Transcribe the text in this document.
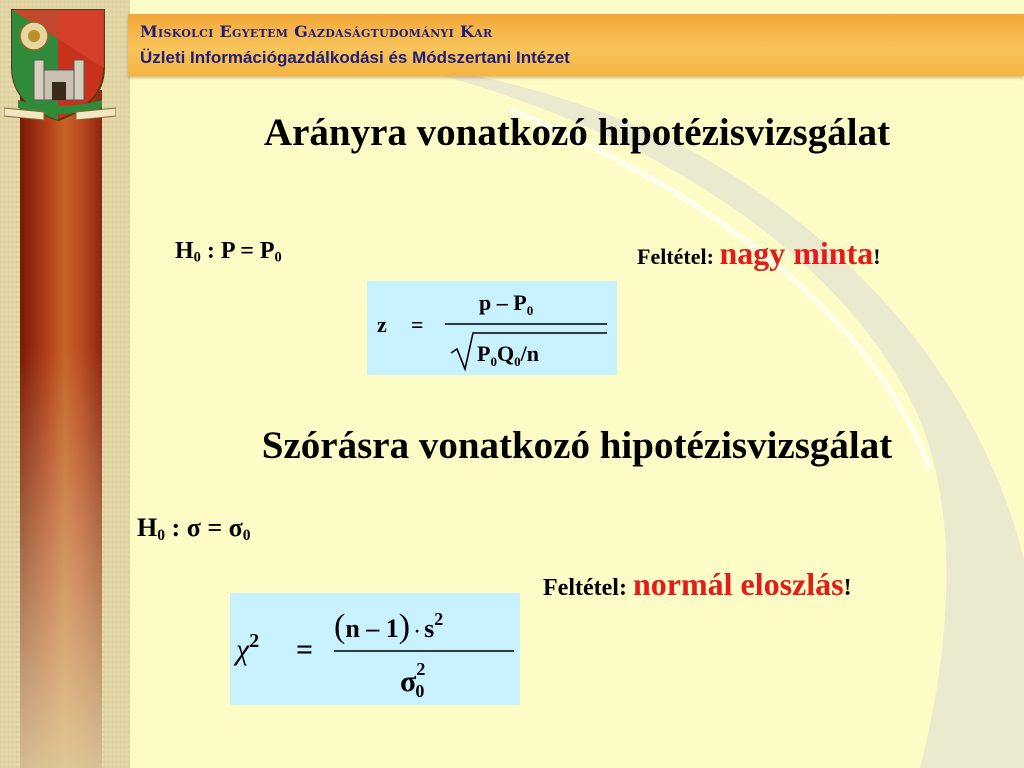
Miskolci Egyetem Gazdaságtudományi Kar
Üzleti Információgazdálkodási és Módszertani Intézet
Arányra vonatkozó hipotézisvizsgálat
$H_0$ : $P = P_0$	Feltétel: nagy minta!
z =
p – $P_0$
$P_0Q_0/n$
Szórásra vonatkozó hipotézisvizsgálat
$H_0$ : $\sigma = \sigma_0$
Feltétel: normál eloszlás!
$\chi^2$ =
$(n - 1) \cdot s^2$
$\sigma^2$ 0
